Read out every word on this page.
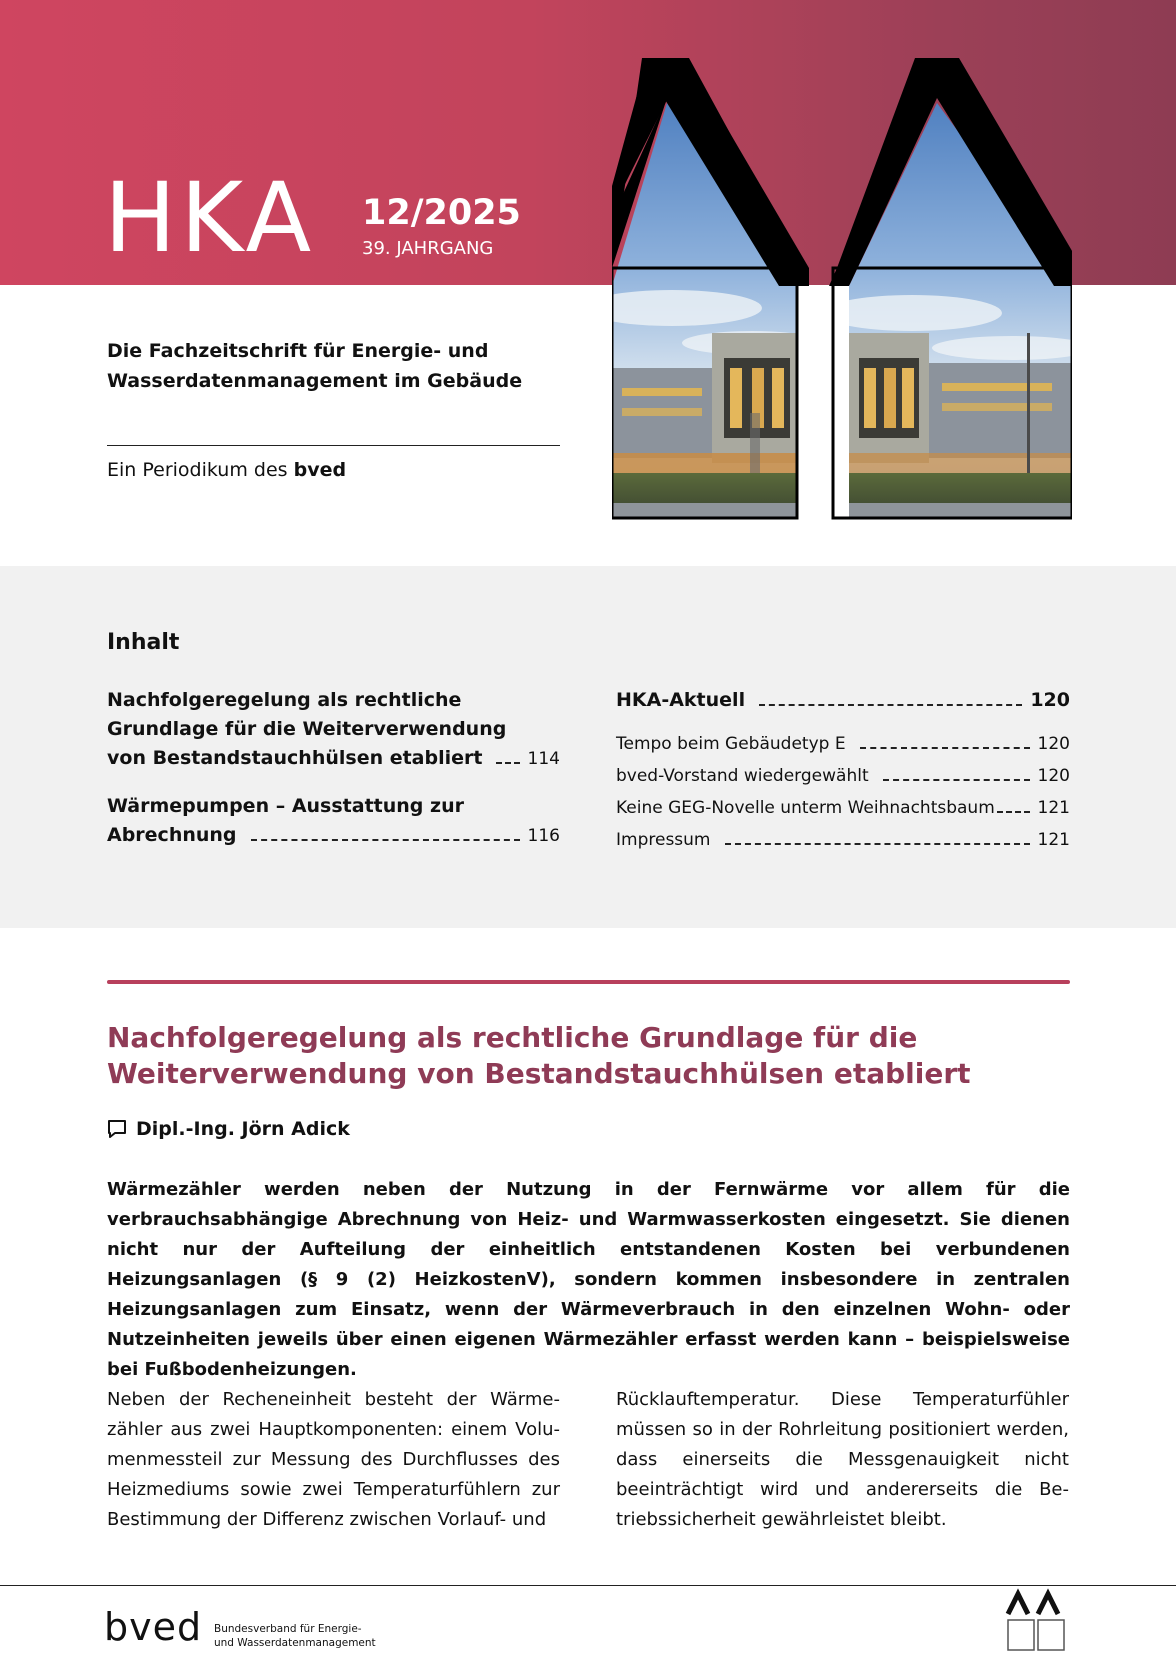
HKA 12/2025
39. JAHRGANG
Die Fachzeitschrift für Energie- und Wasserdatenmanagement im Gebäude
Ein Periodikum des bved
Inhalt
Nachfolgeregelung als rechtliche
Grundlage für die Weiterverwendung
von Bestandstauchhülsen etabliert	114
Wärmepumpen – Ausstattung zur
Abrechnung	116
HKA-Aktuell	120
Tempo beim Gebäudetyp E	120
bved-Vorstand wiedergewählt	120
Keine GEG-Novelle unterm Weihnachtsbaum	121
Impressum	121
Nachfolgeregelung als rechtliche Grundlage für die Weiterverwendung von Bestandstauchhülsen etabliert
Dipl.-Ing. Jörn Adick
Wärmezähler werden neben der Nutzung in der Fernwärme vor allem für die verbrauchsabhängige Abrechnung von Heiz- und Warmwasserkosten eingesetzt. Sie dienen nicht nur der Aufteilung der einheitlich entstandenen Kosten bei verbundenen Heizungsanlagen (§ 9 (2) HeizkostenV), sondern kommen insbesondere in zentralen Heizungsanlagen zum Einsatz, wenn der Wärmeverbrauch in den einzelnen Wohn- oder Nutzeinheiten jeweils über einen eigenen Wärmezähler erfasst werden kann – beispielsweise bei Fußbodenheizungen.
Neben der Recheneinheit besteht der Wärmezähler aus zwei Hauptkomponenten: einem Volumenmessteil zur Messung des Durchflusses des Heizmediums sowie zwei Temperaturfühlern zur Bestimmung der Differenz zwischen Vorlauf- und
Rücklauftemperatur. Diese Temperaturfühler müssen so in der Rohrleitung positioniert werden, dass einerseits die Messgenauigkeit nicht beeinträchtigt wird und andererseits die Betriebssicherheit gewährleistet bleibt.
bved Bundesverband für Energie-
und Wasserdatenmanagement
